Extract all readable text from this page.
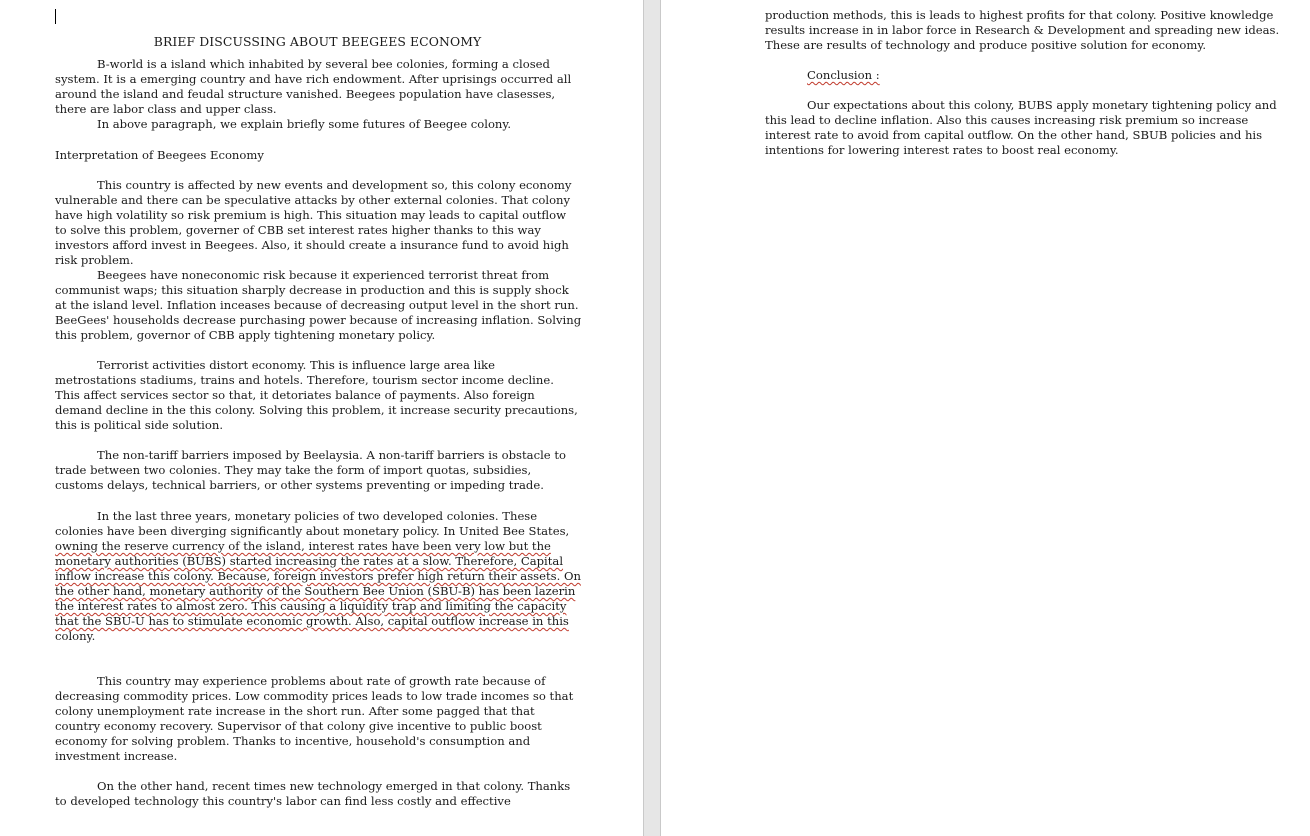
BRIEF DISCUSSING ABOUT BEEGEES ECONOMY
B-world is a island which inhabited by several bee colonies, forming a closed
system. It is a emerging country and have rich endowment. After uprisings occurred all
around the island and feudal structure vanished. Beegees population have clasesses,
there are labor class and upper class.
In above paragraph, we explain briefly some futures of Beegee colony.
Interpretation of Beegees Economy
This country is affected by new events and development so, this colony economy
vulnerable and there can be speculative attacks by other external colonies. That colony
have high volatility so risk premium is high. This situation may leads to capital outflow
to solve this problem, governer of CBB set interest rates higher thanks to this way
investors afford invest in Beegees. Also, it should create a insurance fund to avoid high
risk problem.
Beegees have noneconomic risk because it experienced terrorist threat from
communist waps; this situation sharply decrease in production and this is supply shock
at the island level. Inflation inceases because of decreasing output level in the short run.
BeeGees' households decrease purchasing power because of increasing inflation. Solving
this problem, governor of CBB apply tightening monetary policy.
Terrorist activities distort economy. This is influence large area like
metrostations stadiums, trains and hotels. Therefore, tourism sector income decline.
This affect services sector so that, it detoriates balance of payments. Also foreign
demand decline in the this colony. Solving this problem, it increase security precautions,
this is political side solution.
The non-tariff barriers imposed by Beelaysia. A non-tariff barriers is obstacle to
trade between two colonies. They may take the form of import quotas, subsidies,
customs delays, technical barriers, or other systems preventing or impeding trade.
In the last three years, monetary policies of two developed colonies. These
colonies have been diverging significantly about monetary policy. In United Bee States,
owning the reserve currency of the island, interest rates have been very low but the
monetary authorities (BUBS) started increasing the rates at a slow. Therefore, Capital
inflow increase this colony. Because, foreign investors prefer high return their assets. On
the other hand, monetary authority of the Southern Bee Union (SBU-B) has been lazerin
the interest rates to almost zero. This causing a liquidity trap and limiting the capacity
that the SBU-U has to stimulate economic growth. Also, capital outflow increase in this
colony.
This country may experience problems about rate of growth rate because of
decreasing commodity prices. Low commodity prices leads to low trade incomes so that
colony unemployment rate increase in the short run. After some pagged that that
country economy recovery. Supervisor of that colony give incentive to public boost
economy for solving problem. Thanks to incentive, household's consumption and
investment increase.
On the other hand, recent times new technology emerged in that colony. Thanks
to developed technology this country's labor can find less costly and effective
production methods, this is leads to highest profits for that colony. Positive knowledge
results increase in in labor force in Research & Development and spreading new ideas.
These are results of technology and produce positive solution for economy.
Conclusion :
Our expectations about this colony, BUBS apply monetary tightening policy and
this lead to decline inflation. Also this causes increasing risk premium so increase
interest rate to avoid from capital outflow. On the other hand, SBUB policies and his
intentions for lowering interest rates to boost real economy.
